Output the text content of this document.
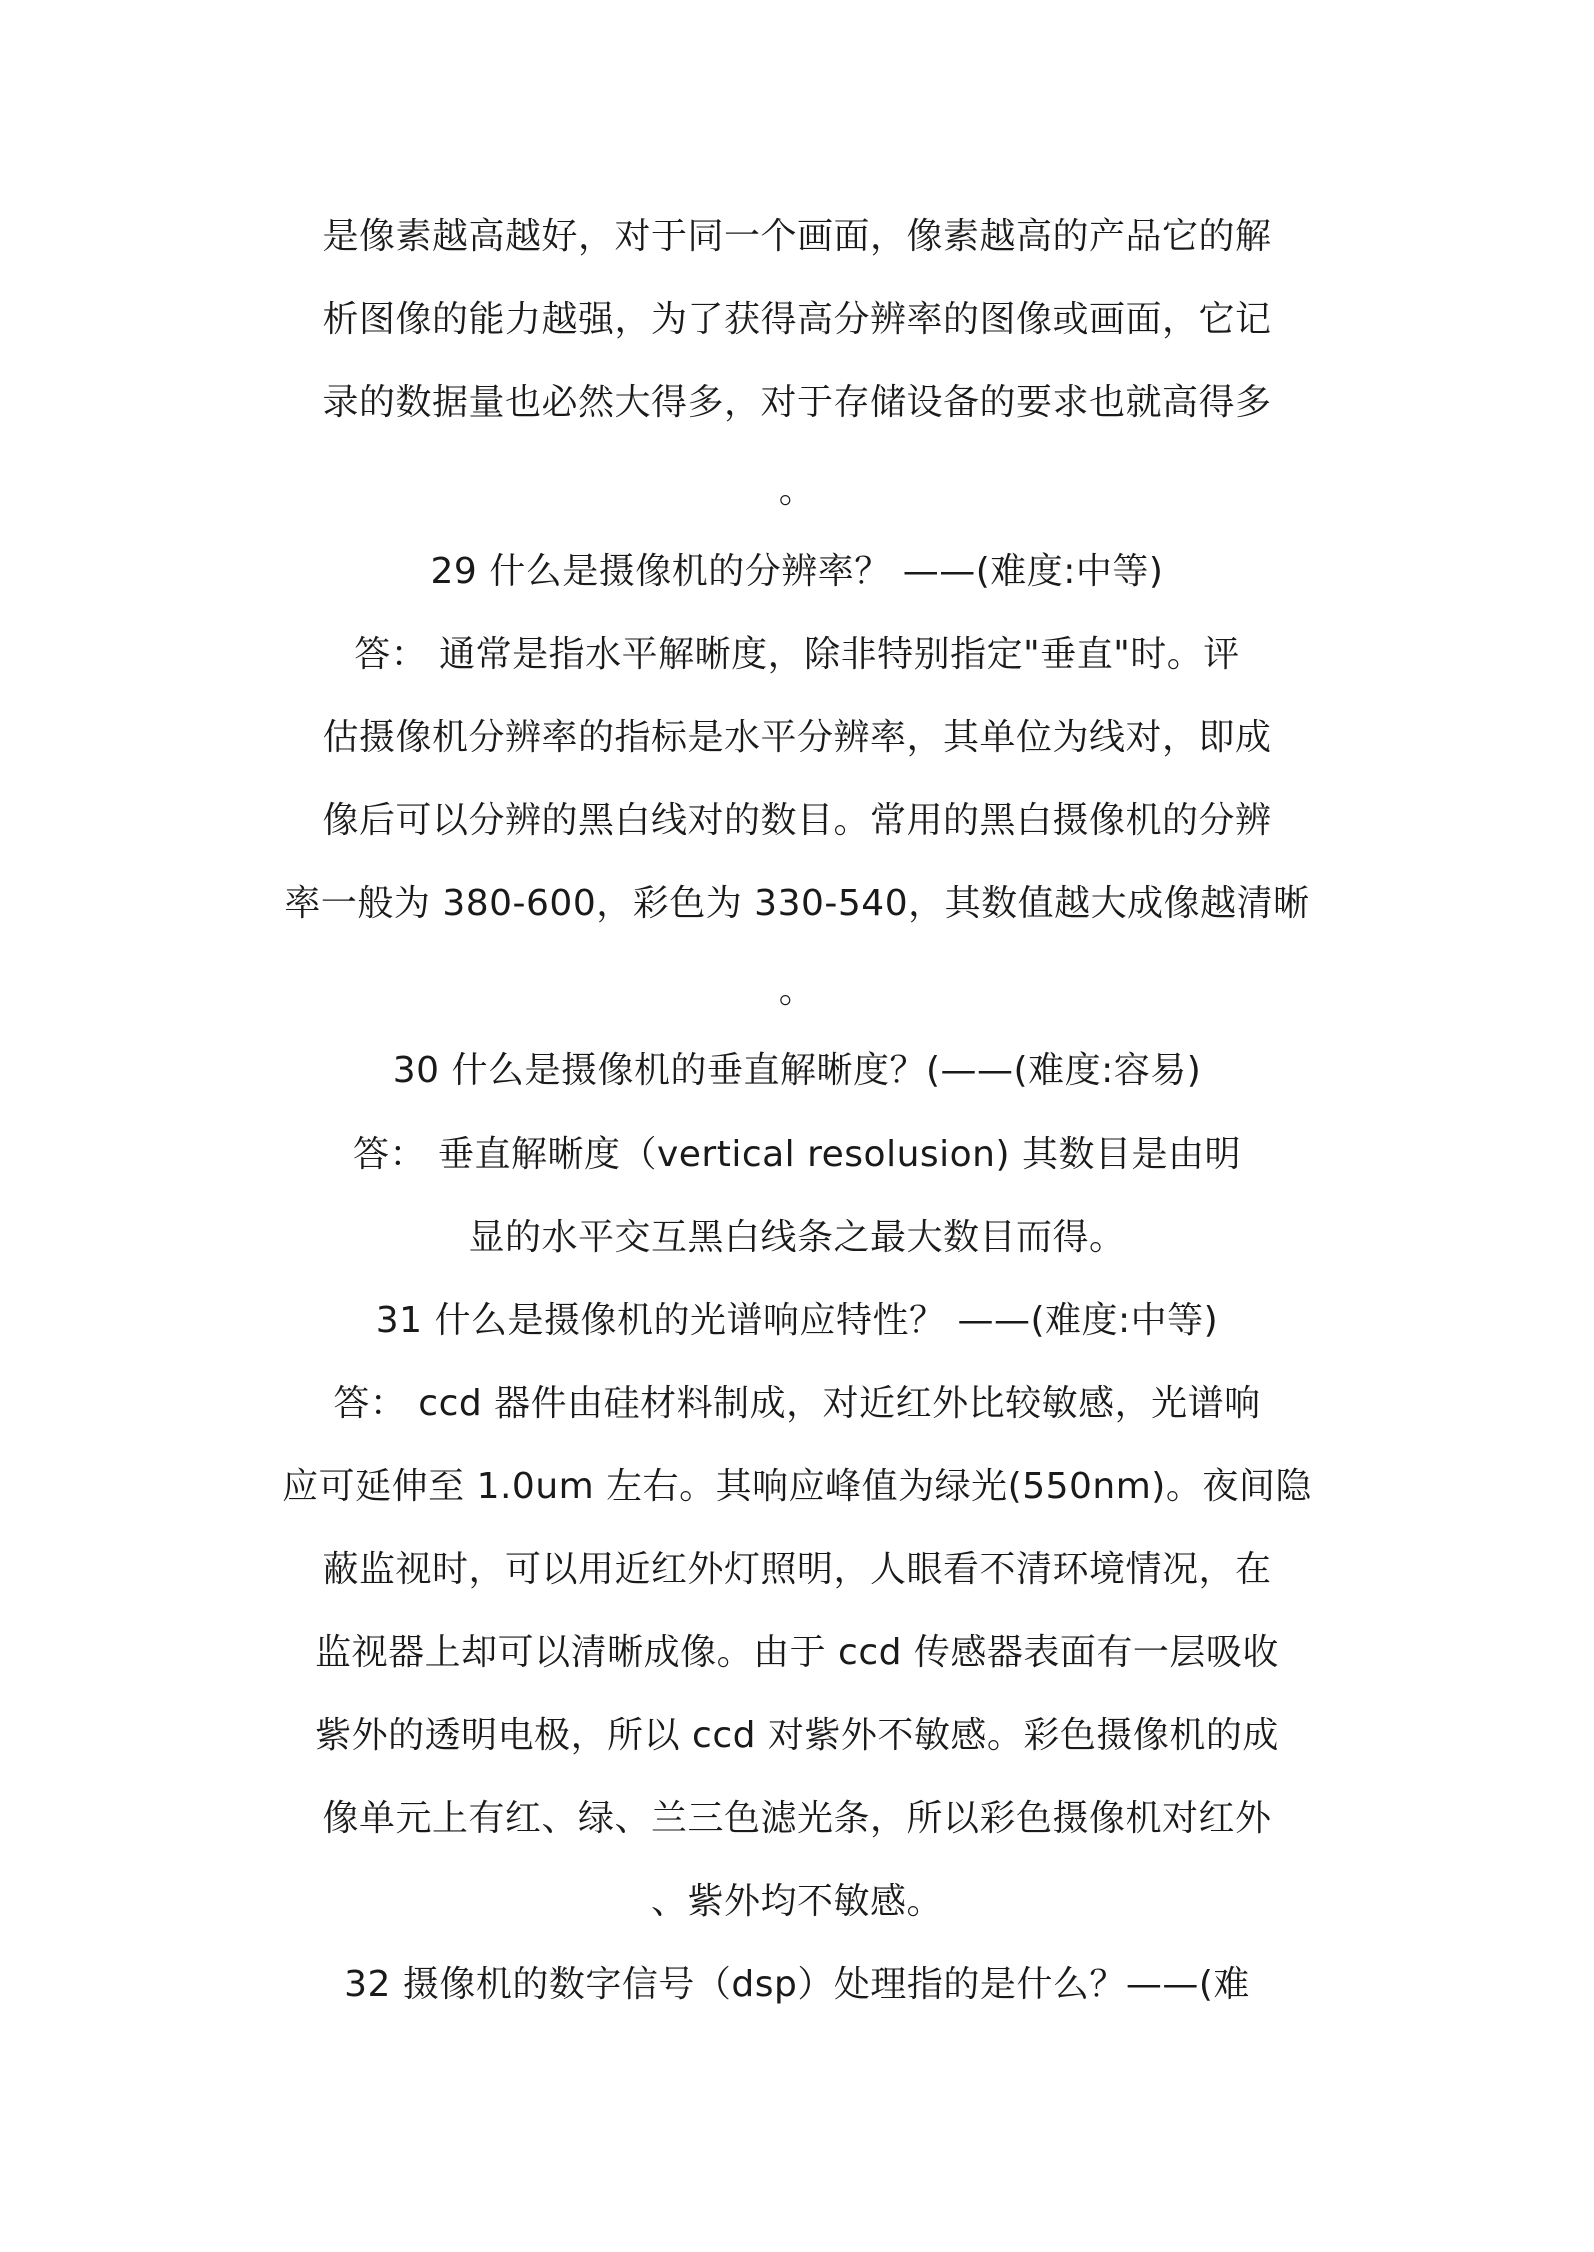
是像素越高越好，对于同一个画面，像素越高的产品它的解
析图像的能力越强，为了获得高分辨率的图像或画面，它记
录的数据量也必然大得多，对于存储设备的要求也就高得多
。
29 什么是摄像机的分辨率？ ——(难度:中等)
答： 通常是指水平解晰度，除非特别指定"垂直"时。评
估摄像机分辨率的指标是水平分辨率，其单位为线对，即成
像后可以分辨的黑白线对的数目。常用的黑白摄像机的分辨
率一般为 380-600，彩色为 330-540，其数值越大成像越清晰
。
30 什么是摄像机的垂直解晰度？(——(难度:容易)
答： 垂直解晰度（vertical resolusion) 其数目是由明
显的水平交互黑白线条之最大数目而得。
31 什么是摄像机的光谱响应特性？ ——(难度:中等)
答： ccd 器件由硅材料制成，对近红外比较敏感，光谱响
应可延伸至 1.0um 左右。其响应峰值为绿光(550nm)。夜间隐
蔽监视时，可以用近红外灯照明，人眼看不清环境情况，在
监视器上却可以清晰成像。由于 ccd 传感器表面有一层吸收
紫外的透明电极，所以 ccd 对紫外不敏感。彩色摄像机的成
像单元上有红、绿、兰三色滤光条，所以彩色摄像机对红外
、紫外均不敏感。
32 摄像机的数字信号（dsp）处理指的是什么？——(难
